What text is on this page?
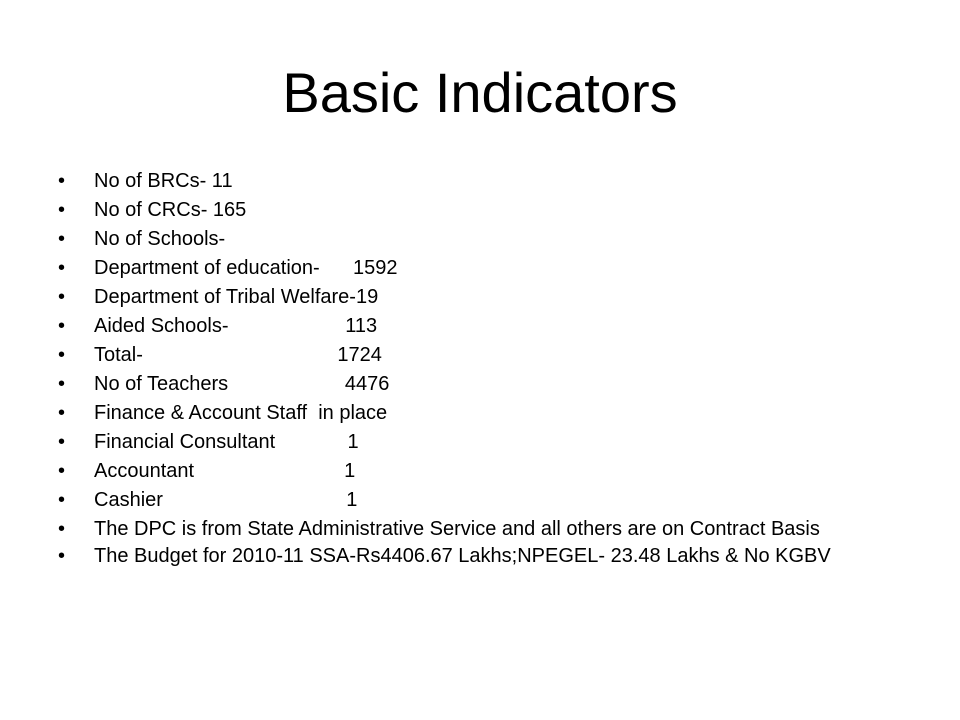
Basic Indicators
•	No of BRCs- 11
•	No of CRCs- 165
•	No of Schools-
•	Department of education-      1592
•	Department of Tribal Welfare-19
•	Aided Schools-                     113
•	Total-                                   1724
•	No of Teachers                     4476
•	Finance & Account Staff  in place
•	Financial Consultant             1
•	Accountant                           1
•	Cashier                                 1
•	The DPC is from State Administrative Service and all others are on Contract Basis
•	The Budget for 2010-11 SSA-Rs4406.67 Lakhs;NPEGEL- 23.48 Lakhs & No KGBV
